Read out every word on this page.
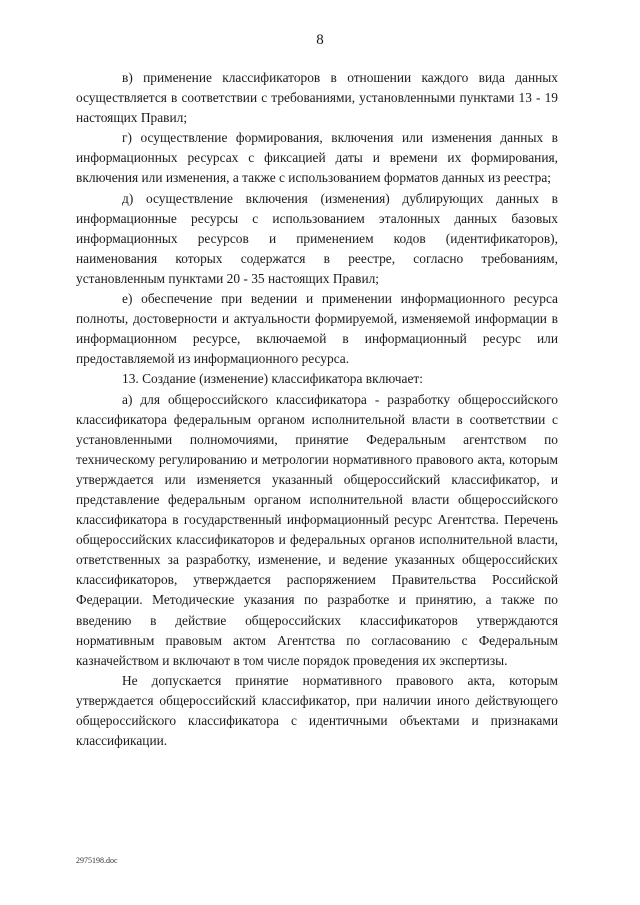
8

в) применение классификаторов в отношении каждого вида данных осуществляется в соответствии с требованиями, установленными пунктами 13 - 19 настоящих Правил;

г) осуществление формирования, включения или изменения данных в информационных ресурсах с фиксацией даты и времени их формирования, включения или изменения, а также с использованием форматов данных из реестра;

д) осуществление включения (изменения) дублирующих данных в информационные ресурсы с использованием эталонных данных базовых информационных ресурсов и применением кодов (идентификаторов), наименования которых содержатся в реестре, согласно требованиям, установленным пунктами 20 - 35 настоящих Правил;

е) обеспечение при ведении и применении информационного ресурса полноты, достоверности и актуальности формируемой, изменяемой информации в информационном ресурсе, включаемой в информационный ресурс или предоставляемой из информационного ресурса.

13. Создание (изменение) классификатора включает:

а) для общероссийского классификатора - разработку общероссийского классификатора федеральным органом исполнительной власти в соответствии с установленными полномочиями, принятие Федеральным агентством по техническому регулированию и метрологии нормативного правового акта, которым утверждается или изменяется указанный общероссийский классификатор, и представление федеральным органом исполнительной власти общероссийского классификатора в государственный информационный ресурс Агентства. Перечень общероссийских классификаторов и федеральных органов исполнительной власти, ответственных за разработку, изменение, и ведение указанных общероссийских классификаторов, утверждается распоряжением Правительства Российской Федерации. Методические указания по разработке и принятию, а также по введению в действие общероссийских классификаторов утверждаются нормативным правовым актом Агентства по согласованию с Федеральным казначейством и включают в том числе порядок проведения их экспертизы.

Не допускается принятие нормативного правового акта, которым утверждается общероссийский классификатор, при наличии иного действующего общероссийского классификатора с идентичными объектами и признаками классификации.

2975198.doc
